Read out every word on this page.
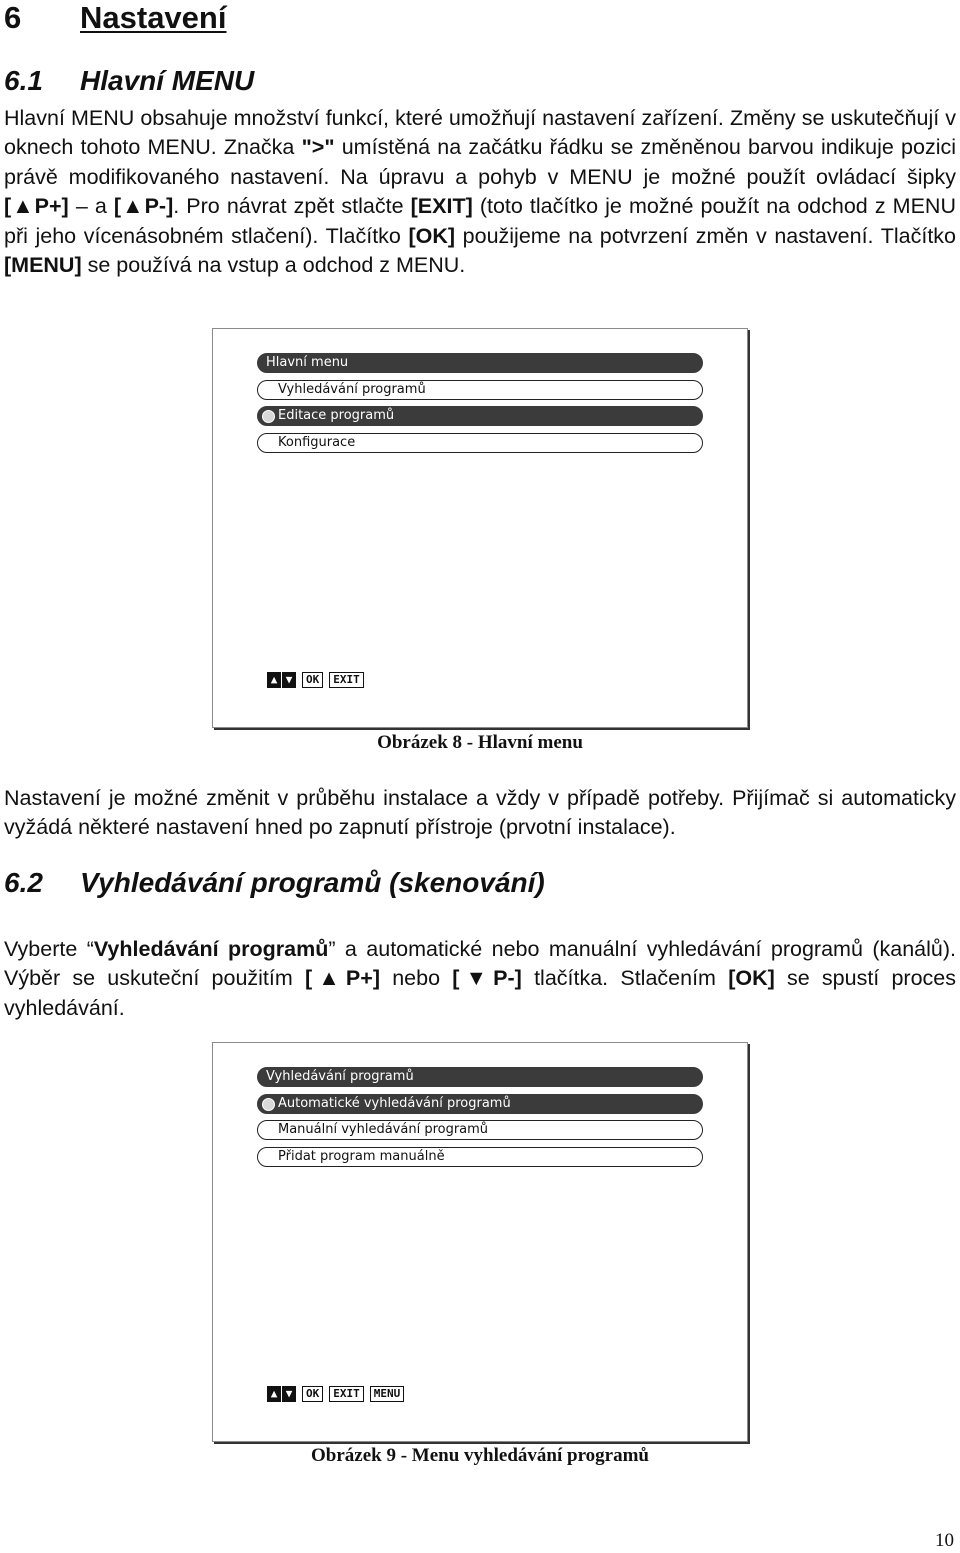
6 Nastavení
6.1 Hlavní MENU

Hlavní MENU obsahuje množství funkcí, které umožňují nastavení zařízení. Změny se uskutečňují v oknech tohoto MENU. Značka ">" umístěná na začátku řádku se změněnou barvou indikuje pozici právě modifikovaného nastavení. Na úpravu a pohyb v MENU je možné použít ovládací šipky [▲P+] – a [▲P-]. Pro návrat zpět stlačte [EXIT] (toto tlačítko je možné použít na odchod z MENU při jeho vícenásobném stlačení). Tlačítko [OK] použijeme na potvrzení změn v nastavení. Tlačítko [MENU] se používá na vstup a odchod z MENU.

Hlavní menu
Vyhledávání programů
Editace programů
Konfigurace
▲ ▼	OK	EXIT
Obrázek 8 - Hlavní menu

Nastavení je možné změnit v průběhu instalace a vždy v případě potřeby. Přijímač si automaticky vyžádá některé nastavení hned po zapnutí přístroje (prvotní instalace).

6.2 Vyhledávání programů (skenování)

Vyberte “Vyhledávání programů” a automatické nebo manuální vyhledávání programů (kanálů). Výběr se uskuteční použitím [▲P+] nebo [▼P-] tlačítka. Stlačením [OK] se spustí proces vyhledávání.

Vyhledávání programů
Automatické vyhledávání programů
Manuální vyhledávání programů
Přidat program manuálně
▲ ▼	OK	EXIT	MENU
Obrázek 9 - Menu vyhledávání programů
10
